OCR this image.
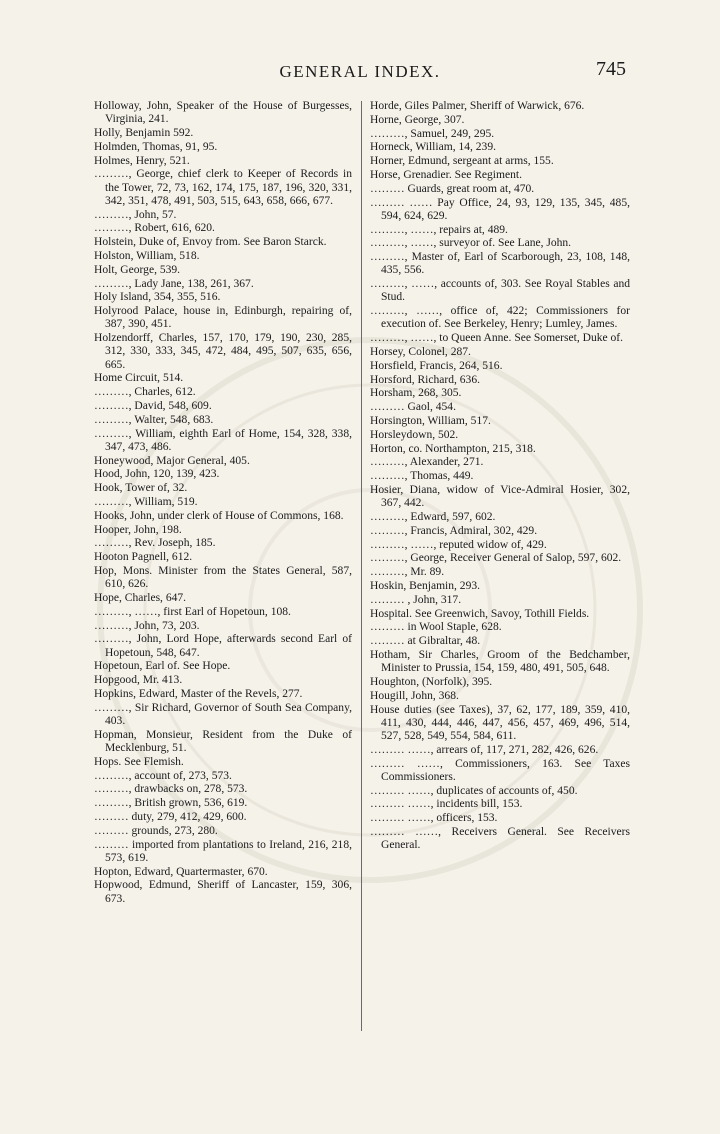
GENERAL INDEX.	745
Holloway, John, Speaker of the House of Burgesses, Virginia, 241.
Holly, Benjamin 592.
Holmden, Thomas, 91, 95.
Holmes, Henry, 521.
………, George, chief clerk to Keeper of Records in the Tower, 72, 73, 162, 174, 175, 187, 196, 320, 331, 342, 351, 478, 491, 503, 515, 643, 658, 666, 677.
………, John, 57.
………, Robert, 616, 620.
Holstein, Duke of, Envoy from. See Baron Starck.
Holston, William, 518.
Holt, George, 539.
………, Lady Jane, 138, 261, 367.
Holy Island, 354, 355, 516.
Holyrood Palace, house in, Edinburgh, repairing of, 387, 390, 451.
Holzendorff, Charles, 157, 170, 179, 190, 230, 285, 312, 330, 333, 345, 472, 484, 495, 507, 635, 656, 665.
Home Circuit, 514.
………, Charles, 612.
………, David, 548, 609.
………, Walter, 548, 683.
………, William, eighth Earl of Home, 154, 328, 338, 347, 473, 486.
Honeywood, Major General, 405.
Hood, John, 120, 139, 423.
Hook, Tower of, 32.
………, William, 519.
Hooks, John, under clerk of House of Commons, 168.
Hooper, John, 198.
………, Rev. Joseph, 185.
Hooton Pagnell, 612.
Hop, Mons. Minister from the States General, 587, 610, 626.
Hope, Charles, 647.
………, ……, first Earl of Hopetoun, 108.
………, John, 73, 203.
………, John, Lord Hope, afterwards second Earl of Hopetoun, 548, 647.
Hopetoun, Earl of. See Hope.
Hopgood, Mr. 413.
Hopkins, Edward, Master of the Revels, 277.
………, Sir Richard, Governor of South Sea Company, 403.
Hopman, Monsieur, Resident from the Duke of Mecklenburg, 51.
Hops. See Flemish.
………, account of, 273, 573.
………, drawbacks on, 278, 573.
………, British grown, 536, 619.
……… duty, 279, 412, 429, 600.
……… grounds, 273, 280.
……… imported from plantations to Ireland, 216, 218, 573, 619.
Hopton, Edward, Quartermaster, 670.
Hopwood, Edmund, Sheriff of Lancaster, 159, 306, 673.
Horde, Giles Palmer, Sheriff of Warwick, 676.
Horne, George, 307.
………, Samuel, 249, 295.
Horneck, William, 14, 239.
Horner, Edmund, sergeant at arms, 155.
Horse, Grenadier. See Regiment.
……… Guards, great room at, 470.
……… …… Pay Office, 24, 93, 129, 135, 345, 485, 594, 624, 629.
………, ……, repairs at, 489.
………, ……, surveyor of. See Lane, John.
………, Master of, Earl of Scarborough, 23, 108, 148, 435, 556.
………, ……, accounts of, 303. See Royal Stables and Stud.
………, ……, office of, 422; Commissioners for execution of. See Berkeley, Henry; Lumley, James.
………, ……, to Queen Anne. See Somerset, Duke of.
Horsey, Colonel, 287.
Horsfield, Francis, 264, 516.
Horsford, Richard, 636.
Horsham, 268, 305.
……… Gaol, 454.
Horsington, William, 517.
Horsleydown, 502.
Horton, co. Northampton, 215, 318.
………, Alexander, 271.
………, Thomas, 449.
Hosier, Diana, widow of Vice-Admiral Hosier, 302, 367, 442.
………, Edward, 597, 602.
………, Francis, Admiral, 302, 429.
………, ……, reputed widow of, 429.
………, George, Receiver General of Salop, 597, 602.
………, Mr. 89.
Hoskin, Benjamin, 293.
……… , John, 317.
Hospital. See Greenwich, Savoy, Tothill Fields.
……… in Wool Staple, 628.
……… at Gibraltar, 48.
Hotham, Sir Charles, Groom of the Bedchamber, Minister to Prussia, 154, 159, 480, 491, 505, 648.
Houghton, (Norfolk), 395.
Hougill, John, 368.
House duties (see Taxes), 37, 62, 177, 189, 359, 410, 411, 430, 444, 446, 447, 456, 457, 469, 496, 514, 527, 528, 549, 554, 584, 611.
……… ……, arrears of, 117, 271, 282, 426, 626.
……… ……, Commissioners, 163. See Taxes Commissioners.
……… ……, duplicates of accounts of, 450.
……… ……, incidents bill, 153.
……… ……, officers, 153.
……… ……, Receivers General. See Receivers General.
